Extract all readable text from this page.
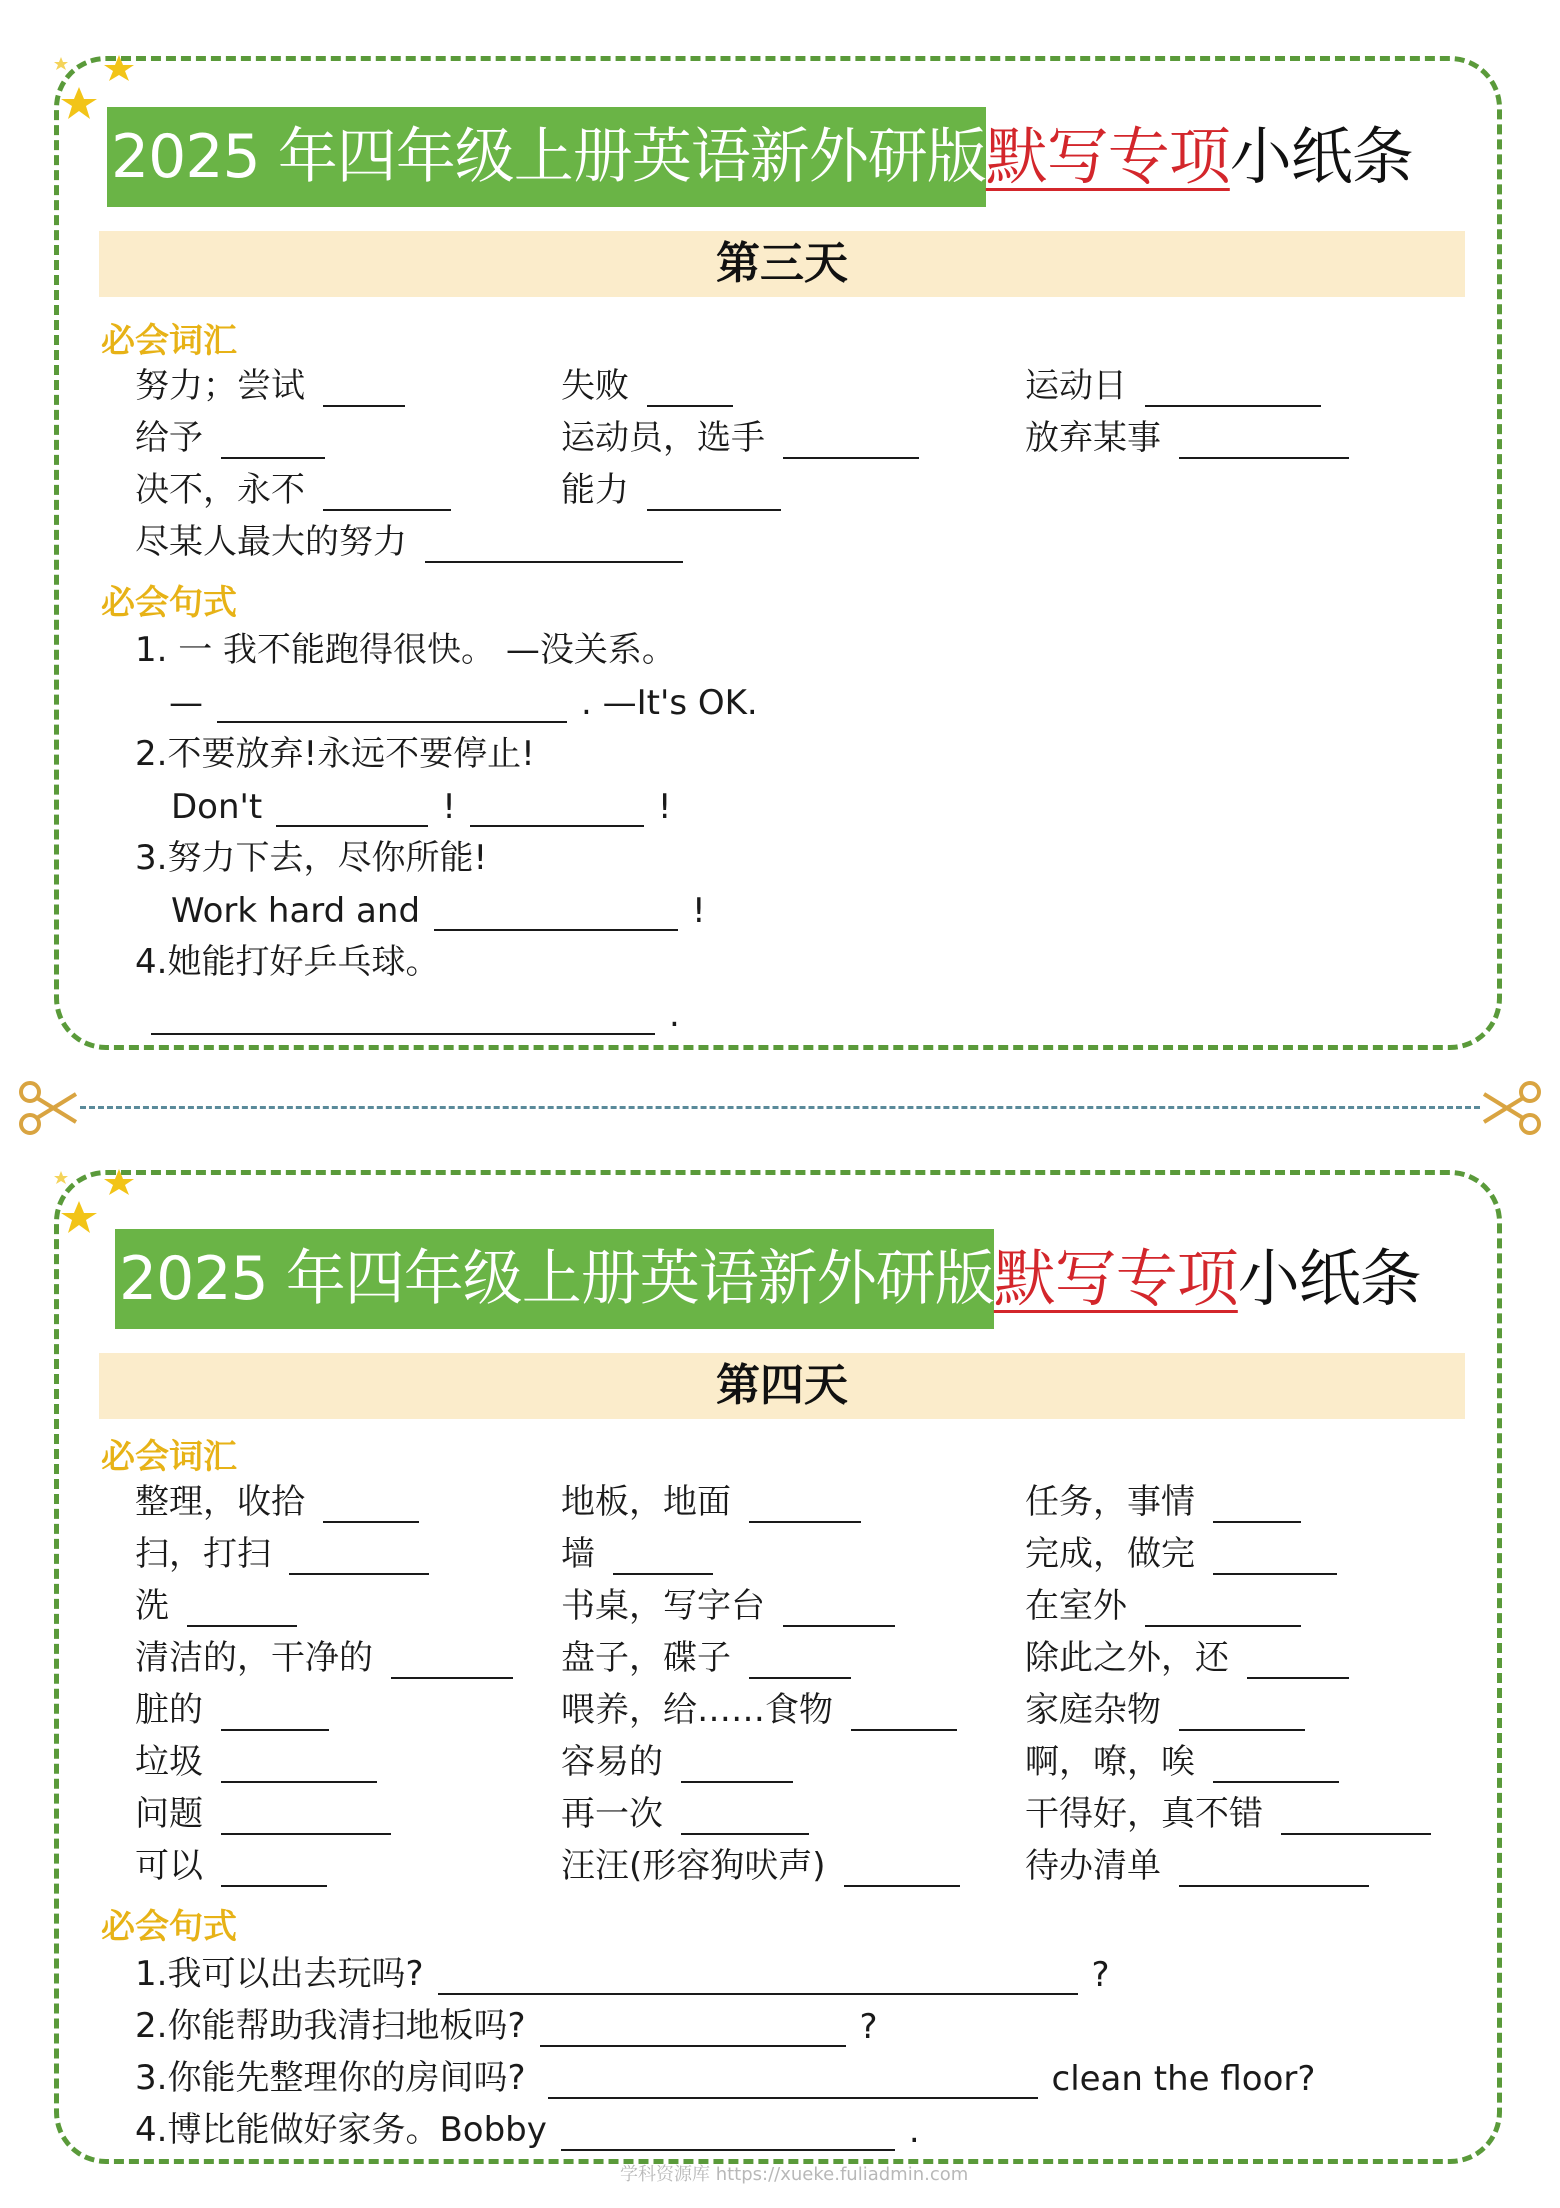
2025 年四年级上册英语新外研版 默写专项 小纸条
第三天
必会词汇
努力；尝试	失败	运动日
给予	运动员，选手	放弃某事
决不，永不	能力
尽某人最大的努力
必会句式
1. 一 我不能跑得很快。 —没关系。
—	. —It's OK.
2.不要放弃!永远不要停止!
Don't	!	!
3.努力下去，尽你所能!
Work hard and	!
4.她能打好乒乓球。
.
2025 年四年级上册英语新外研版 默写专项 小纸条
第四天
必会词汇
整理，收拾	地板，地面	任务，事情
扫，打扫	墙	完成，做完
洗	书桌，写字台	在室外
清洁的，干净的	盘子，碟子	除此之外，还
脏的	喂养，给……食物	家庭杂物
垃圾	容易的	啊，嘹，唉
问题	再一次	干得好，真不错
可以	汪汪(形容狗吠声)	待办清单
必会句式
1.我可以出去玩吗?	?
2.你能帮助我清扫地板吗?	?
3.你能先整理你的房间吗?	clean the floor?
4.博比能做好家务。Bobby	.
学科资源库 https://xueke.fuliadmin.com
